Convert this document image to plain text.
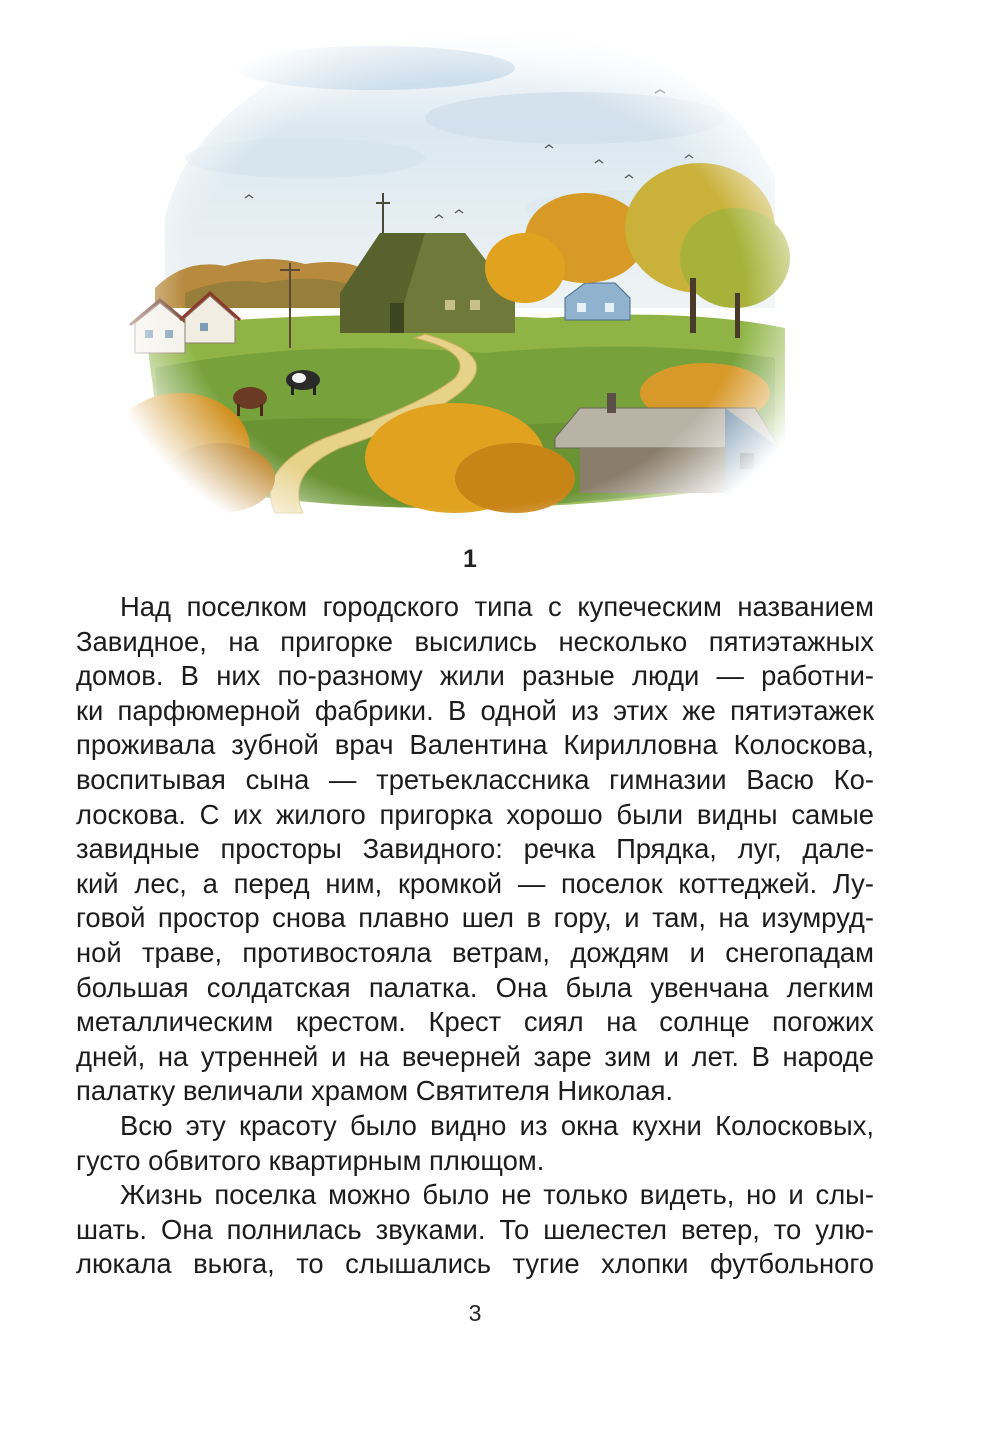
1

Над поселком городского типа с купеческим названием
Завидное, на пригорке высились несколько пятиэтажных
домов. В них по-разному жили разные люди — работни-
ки парфюмерной фабрики. В одной из этих же пятиэтажек
проживала зубной врач Валентина Кирилловна Колоскова,
воспитывая сына — третьеклассника гимназии Васю Ко-
лоскова. С их жилого пригорка хорошо были видны самые
завидные просторы Завидного: речка Прядка, луг, дале-
кий лес, а перед ним, кромкой — поселок коттеджей. Лу-
говой простор снова плавно шел в гору, и там, на изумруд-
ной траве, противостояла ветрам, дождям и снегопадам
большая солдатская палатка. Она была увенчана легким
металлическим крестом. Крест сиял на солнце погожих
дней, на утренней и на вечерней заре зим и лет. В народе
палатку величали храмом Святителя Николая.

Всю эту красоту было видно из окна кухни Колосковых,
густо обвитого квартирным плющом.

Жизнь поселка можно было не только видеть, но и слы-
шать. Она полнилась звуками. То шелестел ветер, то улю-
люкала вьюга, то слышались тугие хлопки футбольного

3
